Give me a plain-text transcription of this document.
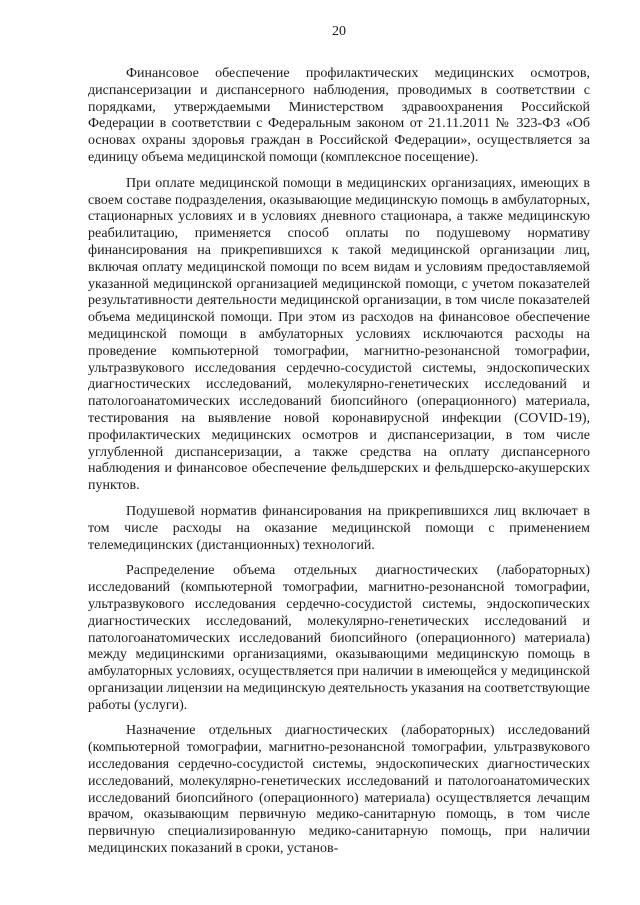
20

Финансовое обеспечение профилактических медицинских осмотров, диспансеризации и диспансерного наблюдения, проводимых в соответствии с порядками, утверждаемыми Министерством здравоохранения Российской Федерации в соответствии с Федеральным законом от 21.11.2011 № 323-ФЗ «Об основах охраны здоровья граждан в Российской Федерации», осуществляется за единицу объема медицинской помощи (комплексное посещение).

При оплате медицинской помощи в медицинских организациях, имеющих в своем составе подразделения, оказывающие медицинскую помощь в амбулаторных, стационарных условиях и в условиях дневного стационара, а также медицинскую реабилитацию, применяется способ оплаты по подушевому нормативу финансирования на прикрепившихся к такой медицинской организации лиц, включая оплату медицинской помощи по всем видам и условиям предоставляемой указанной медицинской организацией медицинской помощи, с учетом показателей результативности деятельности медицинской организации, в том числе показателей объема медицинской помощи. При этом из расходов на финансовое обеспечение медицинской помощи в амбулаторных условиях исключаются расходы на проведение компьютерной томографии, магнитно-резонансной томографии, ультразвукового исследования сердечно-сосудистой системы, эндоскопических диагностических исследований, молекулярно-генетических исследований и патологоанатомических исследований биопсийного (операционного) материала, тестирования на выявление новой коронавирусной инфекции (COVID-19), профилактических медицинских осмотров и диспансеризации, в том числе углубленной диспансеризации, а также средства на оплату диспансерного наблюдения и финансовое обеспечение фельдшерских и фельдшерско-акушерских пунктов.

Подушевой норматив финансирования на прикрепившихся лиц включает в том числе расходы на оказание медицинской помощи с применением телемедицинских (дистанционных) технологий.

Распределение объема отдельных диагностических (лабораторных) исследований (компьютерной томографии, магнитно-резонансной томографии, ультразвукового исследования сердечно-сосудистой системы, эндоскопических диагностических исследований, молекулярно-генетических исследований и патологоанатомических исследований биопсийного (операционного) материала) между медицинскими организациями, оказывающими медицинскую помощь в амбулаторных условиях, осуществляется при наличии в имеющейся у медицинской организации лицензии на медицинскую деятельность указания на соответствующие работы (услуги).

Назначение отдельных диагностических (лабораторных) исследований (компьютерной томографии, магнитно-резонансной томографии, ультразвукового исследования сердечно-сосудистой системы, эндоскопических диагностических исследований, молекулярно-генетических исследований и патологоанатомических исследований биопсийного (операционного) материала) осуществляется лечащим врачом, оказывающим первичную медико-санитарную помощь, в том числе первичную специализированную медико-санитарную помощь, при наличии медицинских показаний в сроки, установ-
